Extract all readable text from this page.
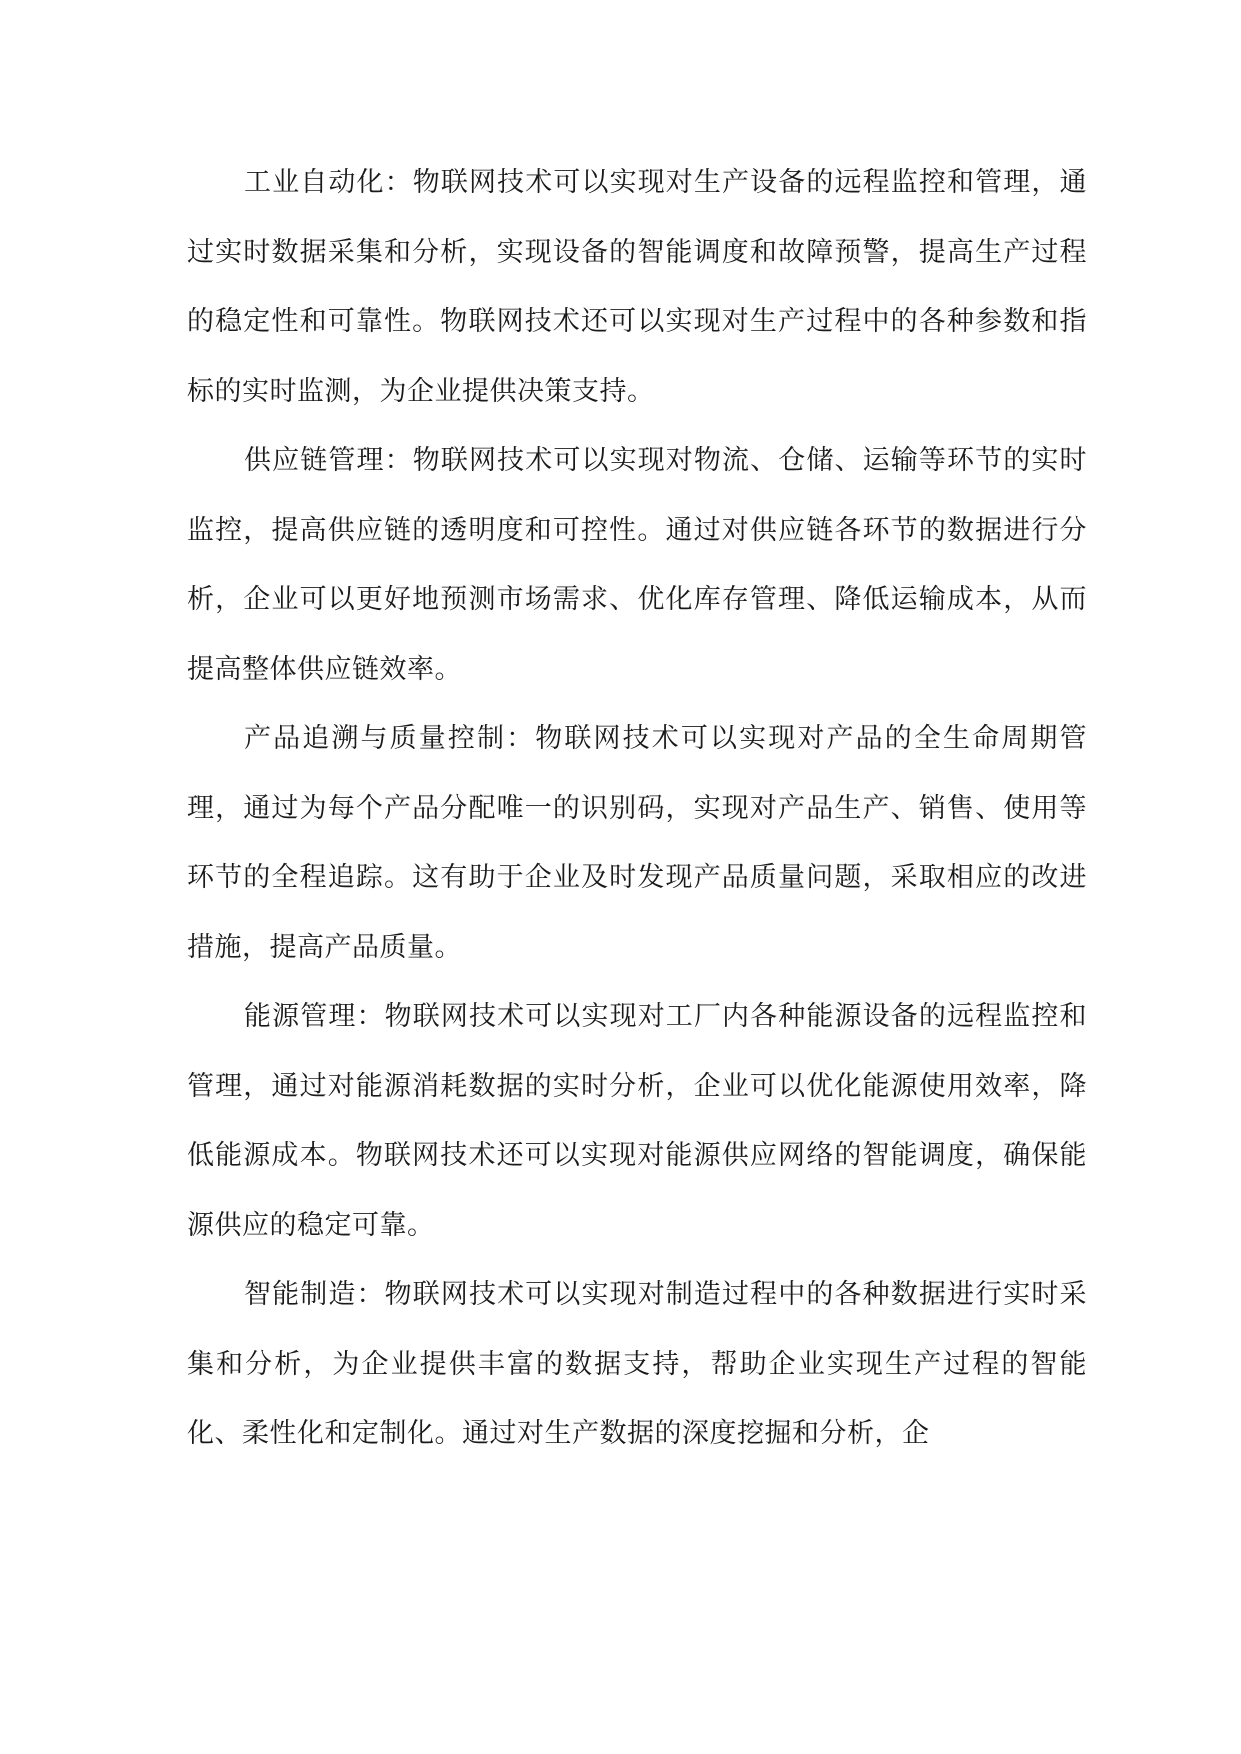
工业自动化：物联网技术可以实现对生产设备的远程监控和管理，通过实时数据采集和分析，实现设备的智能调度和故障预警，提高生产过程的稳定性和可靠性。物联网技术还可以实现对生产过程中的各种参数和指标的实时监测，为企业提供决策支持。

供应链管理：物联网技术可以实现对物流、仓储、运输等环节的实时监控，提高供应链的透明度和可控性。通过对供应链各环节的数据进行分析，企业可以更好地预测市场需求、优化库存管理、降低运输成本，从而提高整体供应链效率。

产品追溯与质量控制：物联网技术可以实现对产品的全生命周期管理，通过为每个产品分配唯一的识别码，实现对产品生产、销售、使用等环节的全程追踪。这有助于企业及时发现产品质量问题，采取相应的改进措施，提高产品质量。

能源管理：物联网技术可以实现对工厂内各种能源设备的远程监控和管理，通过对能源消耗数据的实时分析，企业可以优化能源使用效率，降低能源成本。物联网技术还可以实现对能源供应网络的智能调度，确保能源供应的稳定可靠。

智能制造：物联网技术可以实现对制造过程中的各种数据进行实时采集和分析，为企业提供丰富的数据支持，帮助企业实现生产过程的智能化、柔性化和定制化。通过对生产数据的深度挖掘和分析，企
